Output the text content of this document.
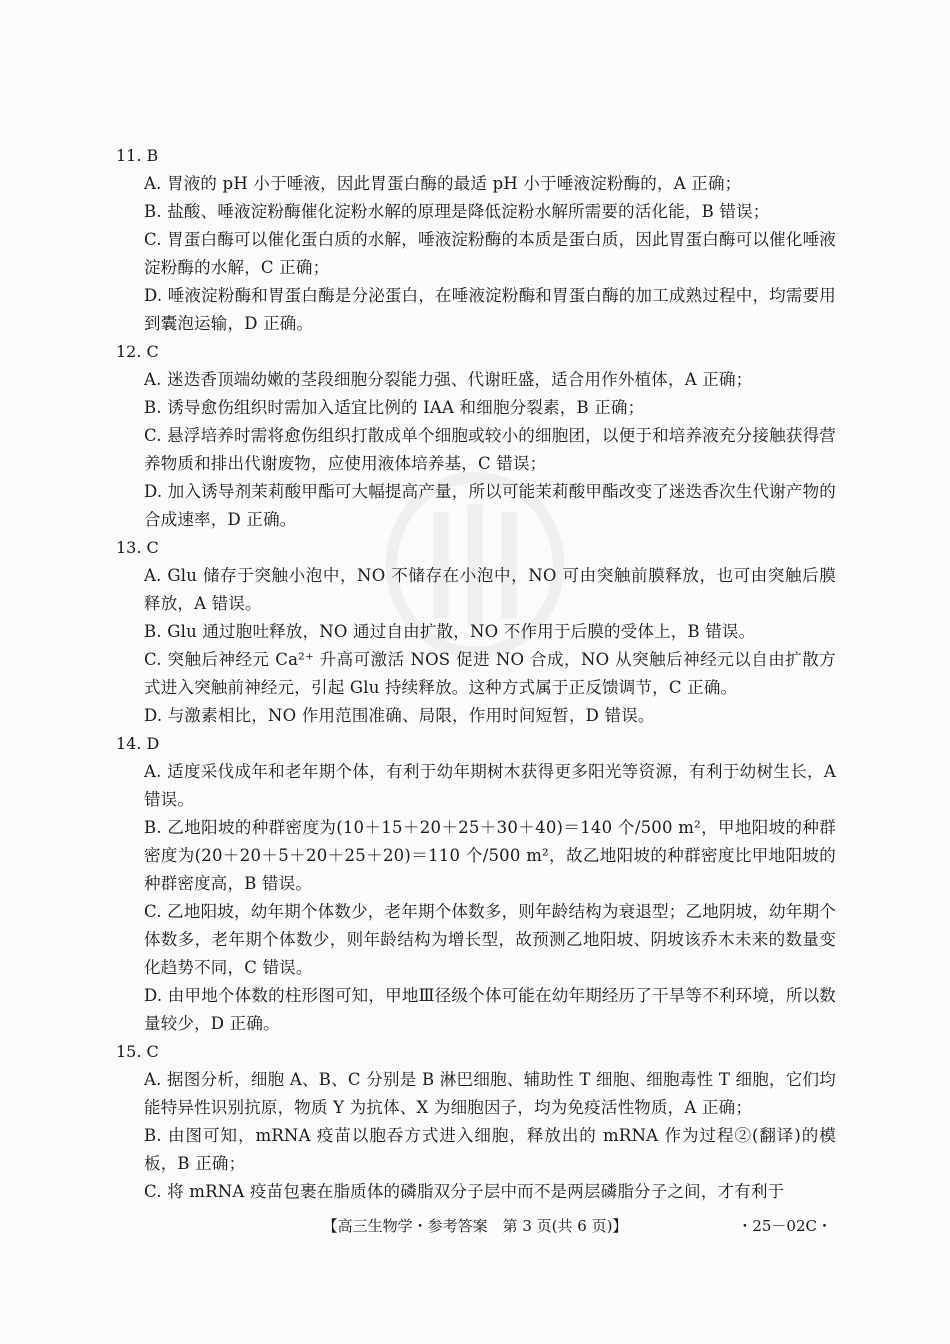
11. B
A. 胃液的 pH 小于唾液，因此胃蛋白酶的最适 pH 小于唾液淀粉酶的，A 正确；
B. 盐酸、唾液淀粉酶催化淀粉水解的原理是降低淀粉水解所需要的活化能，B 错误；
C. 胃蛋白酶可以催化蛋白质的水解，唾液淀粉酶的本质是蛋白质，因此胃蛋白酶可以催化唾液淀粉酶的水解，C 正确；
D. 唾液淀粉酶和胃蛋白酶是分泌蛋白，在唾液淀粉酶和胃蛋白酶的加工成熟过程中，均需要用到囊泡运输，D 正确。
12. C
A. 迷迭香顶端幼嫩的茎段细胞分裂能力强、代谢旺盛，适合用作外植体，A 正确；
B. 诱导愈伤组织时需加入适宜比例的 IAA 和细胞分裂素，B 正确；
C. 悬浮培养时需将愈伤组织打散成单个细胞或较小的细胞团，以便于和培养液充分接触获得营养物质和排出代谢废物，应使用液体培养基，C 错误；
D. 加入诱导剂茉莉酸甲酯可大幅提高产量，所以可能茉莉酸甲酯改变了迷迭香次生代谢产物的合成速率，D 正确。
13. C
A. Glu 储存于突触小泡中，NO 不储存在小泡中，NO 可由突触前膜释放，也可由突触后膜释放，A 错误。
B. Glu 通过胞吐释放，NO 通过自由扩散，NO 不作用于后膜的受体上，B 错误。
C. 突触后神经元 Ca²⁺ 升高可激活 NOS 促进 NO 合成，NO 从突触后神经元以自由扩散方式进入突触前神经元，引起 Glu 持续释放。这种方式属于正反馈调节，C 正确。
D. 与激素相比，NO 作用范围准确、局限，作用时间短暂，D 错误。
14. D
A. 适度采伐成年和老年期个体，有利于幼年期树木获得更多阳光等资源，有利于幼树生长，A 错误。
B. 乙地阳坡的种群密度为(10＋15＋20＋25＋30＋40)＝140 个/500 m²，甲地阳坡的种群密度为(20＋20＋5＋20＋25＋20)＝110 个/500 m²，故乙地阳坡的种群密度比甲地阳坡的种群密度高，B 错误。
C. 乙地阳坡，幼年期个体数少，老年期个体数多，则年龄结构为衰退型；乙地阴坡，幼年期个体数多，老年期个体数少，则年龄结构为增长型，故预测乙地阳坡、阴坡该乔木未来的数量变化趋势不同，C 错误。
D. 由甲地个体数的柱形图可知，甲地Ⅲ径级个体可能在幼年期经历了干旱等不利环境，所以数量较少，D 正确。
15. C
A. 据图分析，细胞 A、B、C 分别是 B 淋巴细胞、辅助性 T 细胞、细胞毒性 T 细胞，它们均能特异性识别抗原，物质 Y 为抗体、X 为细胞因子，均为免疫活性物质，A 正确；
B. 由图可知，mRNA 疫苗以胞吞方式进入细胞，释放出的 mRNA 作为过程②(翻译)的模板，B 正确；
C. 将 mRNA 疫苗包裹在脂质体的磷脂双分子层中而不是两层磷脂分子之间，才有利于
【高三生物学・参考答案　第 3 页(共 6 页)】	・25－02C・
